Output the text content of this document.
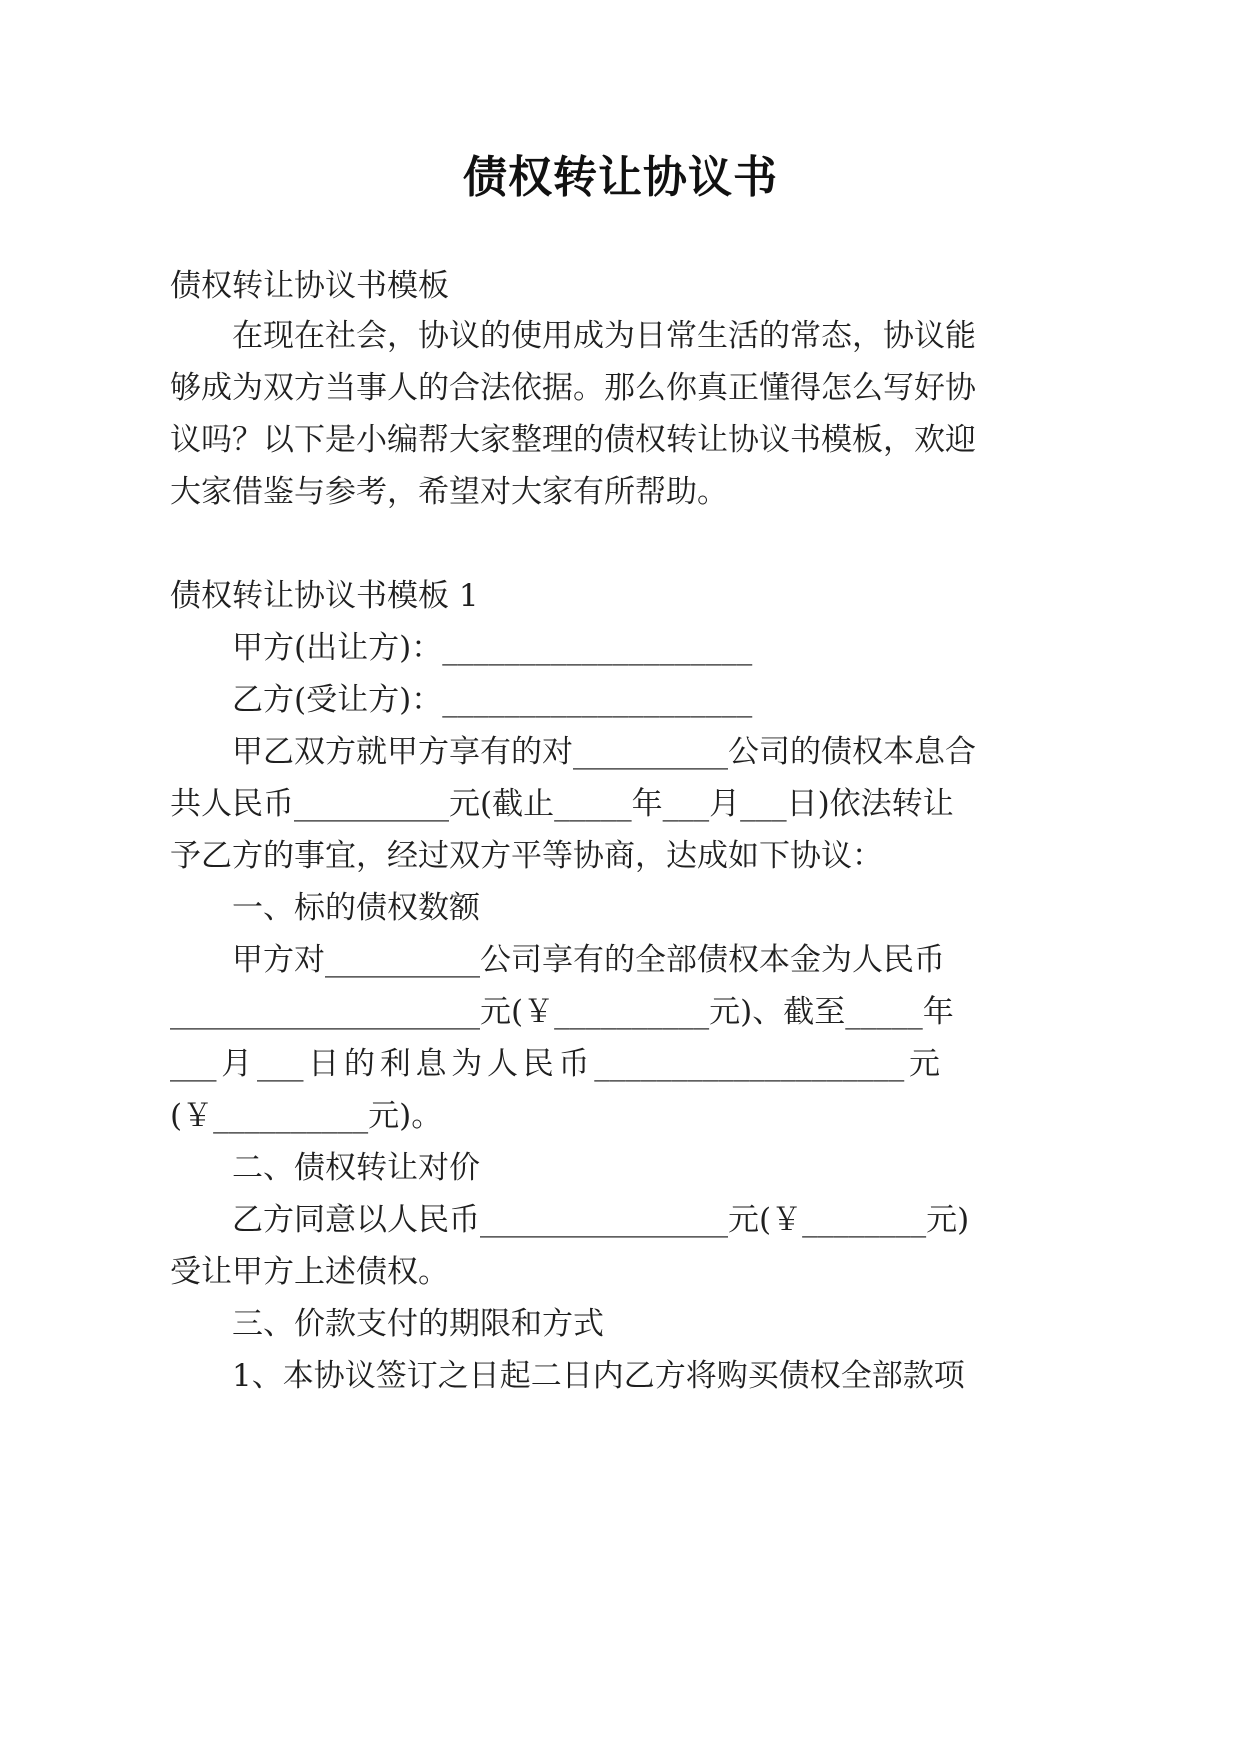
债权转让协议书

债权转让协议书模板

在现在社会，协议的使用成为日常生活的常态，协议能

够成为双方当事人的合法依据。那么你真正懂得怎么写好协

议吗？以下是小编帮大家整理的债权转让协议书模板，欢迎

大家借鉴与参考，希望对大家有所帮助。

债权转让协议书模板 1

甲方(出让方)：____________________

乙方(受让方)：____________________

甲乙双方就甲方享有的对__________公司的债权本息合

共人民币__________元(截止_____年___月___日)依法转让

予乙方的事宜，经过双方平等协商，达成如下协议：

一、标的债权数额

甲方对__________公司享有的全部债权本金为人民币

____________________元(￥__________元)、截至_____年

___月___日的利息为人民币____________________元

(￥__________元)。

二、债权转让对价

乙方同意以人民币________________元(￥________元)

受让甲方上述债权。

三、价款支付的期限和方式

1、本协议签订之日起二日内乙方将购买债权全部款项
